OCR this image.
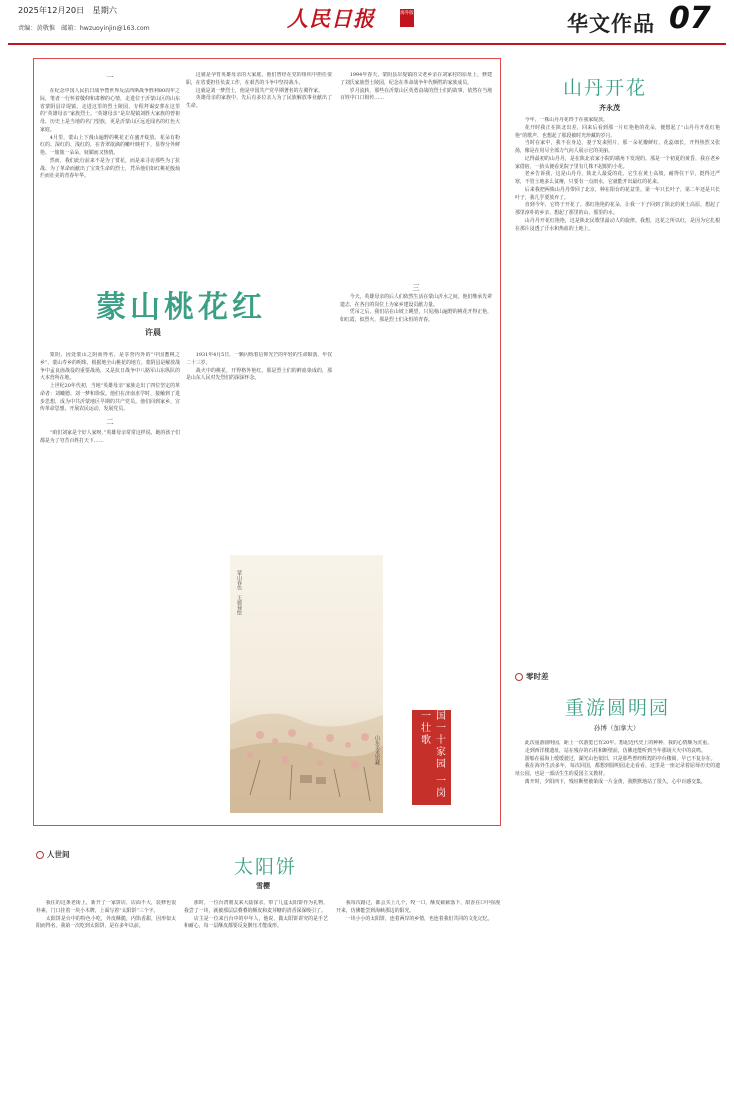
2025年12月20日　星期六
责编：黄敬惟　邮箱：hwzuoyinjin@163.com	人民日报	海外版	华文作品 07
一

在纪念中国人民抗日战争暨世界反法西斯战争胜利80周年之际，笔者一行怀着敬仰和肃穆的心情，走进位于沂蒙山区的山东省蒙阴县岸堤镇，走进这里的烈士陵园，专程拜谒安葬在这里的“英雄母亲”家族烈士。“英雄母亲”是岸堤镇刘胜大家族的曾祖母，历史上是当地的名门望族，更是沂蒙山区远近闻名的红色大家庭。

4月里，蒙山上下漫山遍野的桃花正在盛开绽放，花朵有粉红的、深红的、浅红的，在青翠欲滴的嫩叶映衬下，显得分外鲜艳、一簇簇一朵朵，妩媚而又热情。

然而，我们此行前来不是为了赏花，而是来寻访那些为了抗战、为了革命而献出了宝贵生命的烈士，凭吊他们如红桃花般灿烂而壮美的青春年华。

这就是孕育英雄母亲的大家庭。他们曾经在党的组织中担任要职，在省委担任负责工作，在艰苦的斗争中坚持战斗。

这就是刘一梦烈士，他是中国共产党早期著名的左翼作家。

英雄母亲的家族中，先后有多位亲人为了民族解放事业献出了生命。

1994年春天，蒙阴县岸堤镇的父老乡亲在刘家村的原址上，修建了刘氏家族烈士陵园，纪念在革命战争年代牺牲的家族成员。

岁月流转，那些在沂蒙山区英勇奋战的烈士们的故事，依然在当地百姓中口口相传……

蒙山桃花红
许晨

蒙阴，因处蒙山之阴而得名，是享誉内外的“中国蜜桃之乡”，蒙山寿乡的明珠，根据地全山桃花的地方。蒙阴县是解放战争中孟良崮战役的重要战场，又是抗日战争中八路军山东纵队的大本营所在地。

上世纪20年代初，当地“英雄母亲”家族走出了四位坚定的革命者：刘曦德、刘一梦和徐侃。他们在济南求学时，接触到了进步思想，成为中共沂蒙地区早期的共产党员。他们回到家乡，宣传革命思想，开展农民运动，发展党员。

二

“咱们刘家是个好人家呀，”英雄母亲常常这样说。她的孩子们都是为了穷苦百姓打天下……

1931年4月5日，一颗闪烁着信仰光芒的年轻的生命陨落，年仅二十三岁。

战火中的桃花，开得格外艳红。那是烈士们的鲜血染成的，那是山东人民对先烈们的深深怀念。

三

今天，英雄母亲的后人们依然生活在蒙山沂水之间，他们继承先辈遗志，在各自的岗位上为家乡建设贡献力量。

凭吊之后，我们站在山坡上眺望，只见漫山遍野的桃花开得正艳，如红霞，似烈火，那是烈士们永恒的青春。

蒙山春色　王德禄绘
山东美术馆藏	国一十家园 一岗一壮歌
山丹开花
齐永茂

今年，一株山丹丹花终于在我家绽放。

花开时我正在陕北出差，回来后看到那一片红艳艳的花朵，便想起了“山丹丹开花红艳艳”的歌声，也想起了那段被时光珍藏的岁月。

当时在家中，我不在身边，妻子发来照片，那一朵花瓣鲜红，花蕊细长，开得热烈又张扬，像是在用尽全部力气向人展示它的美丽。

记得最初的山丹丹，是在陕北农家小院的墙角下发现的。那是一个初夏的黄昏，我在老乡家借宿，一抬头便看见院子里有几株不起眼的小花。

老乡告诉我，这是山丹丹，陕北人最爱的花。它生在黄土高坡，耐得住干旱，挺得过严寒，不管土地多么贫瘠，只要有一点雨水，它就能开出最红的花来。

后来我把两株山丹丹带回了北京，种在阳台的花盆里。第一年只长叶子，第二年还是只长叶子，我几乎要放弃了。

直到今年，它终于开花了。那红艳艳的花朵，让我一下子回到了陕北的黄土高原，想起了那里淳朴的乡亲，想起了那里的山，那里的水。

山丹丹开花红艳艳，这是陕北民歌里最动人的旋律。我想，这花之所以红，是因为它扎根在那片浸透了汗水和热血的土地上。

零时差
重游圆明园
孙博（加拿大）

此次重游圆明园，距上一次游览已有20年。想起近代史上的种种，我的心情颇为沉重。

走到西洋楼遗址，站在残存的石柱和断壁前，仿佛还能听到当年那场大火中的哀鸣。

游船在福海上缓缓驶过，湖光山色依旧，只是那些曾经辉煌的亭台楼阁，早已不复存在。

我在海外生活多年，每次回国，都想到圆明园走走看看。这里是一座记录着屈辱历史的遗址公园，也是一部活生生的爱国主义教材。

离开时，夕阳西下，残垣断壁被染成一片金黄，我默默地站了很久，心中百感交集。

人世间
太阳饼
雪樱

我住的这条老街上，新开了一家饼店，店面不大，装修也很朴素，门口挂着一块小木牌，上面写着“太阳饼”三个字。

太阳饼是台中的特色小吃，外皮酥脆，内馅香甜，因形似太阳而得名。我第一次吃到太阳饼，是在多年以前。

那时，一位台湾朋友来大陆探亲，带了几盒太阳饼作为礼物，我尝了一块，就被那层层叠叠的酥皮和麦芽糖的清香深深吸引了。

店主是一位来自台中的中年人，他说，做太阳饼讲究的是手艺和耐心，每一层酥皮都要反复擀压才能成形。

我每次路过，都会买上几个。咬一口，酥皮簌簌落下，甜香在口中弥漫开来，仿佛能尝到海峡那边的阳光。

一块小小的太阳饼，连着两岸的乡情，也连着我们共同的文化记忆。
